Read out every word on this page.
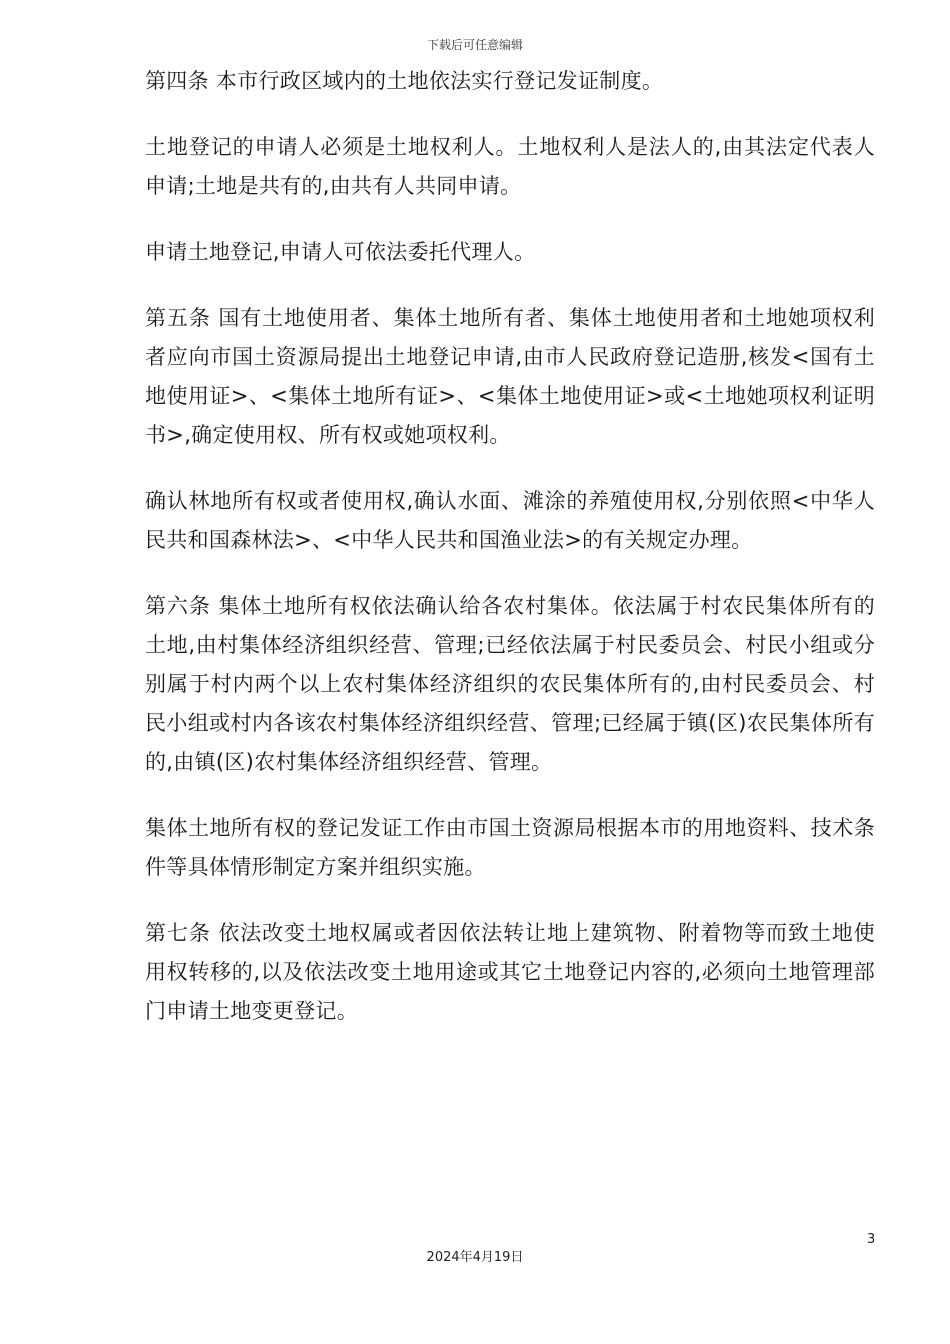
下载后可任意编辑

第四条 本市行政区域内的土地依法实行登记发证制度。

土地登记的申请人必须是土地权利人。土地权利人是法人的,由其法定代表人申请;土地是共有的,由共有人共同申请。

申请土地登记,申请人可依法委托代理人。

第五条 国有土地使用者、集体土地所有者、集体土地使用者和土地她项权利者应向市国土资源局提出土地登记申请,由市人民政府登记造册,核发<国有土地使用证>、<集体土地所有证>、<集体土地使用证>或<土地她项权利证明书>,确定使用权、所有权或她项权利。

确认林地所有权或者使用权,确认水面、滩涂的养殖使用权,分别依照<中华人民共和国森林法>、<中华人民共和国渔业法>的有关规定办理。

第六条 集体土地所有权依法确认给各农村集体。依法属于村农民集体所有的土地,由村集体经济组织经营、管理;已经依法属于村民委员会、村民小组或分别属于村内两个以上农村集体经济组织的农民集体所有的,由村民委员会、村民小组或村内各该农村集体经济组织经营、管理;已经属于镇(区)农民集体所有的,由镇(区)农村集体经济组织经营、管理。

集体土地所有权的登记发证工作由市国土资源局根据本市的用地资料、技术条件等具体情形制定方案并组织实施。

第七条 依法改变土地权属或者因依法转让地上建筑物、附着物等而致土地使用权转移的,以及依法改变土地用途或其它土地登记内容的,必须向土地管理部门申请土地变更登记。

3
2024年4月19日
